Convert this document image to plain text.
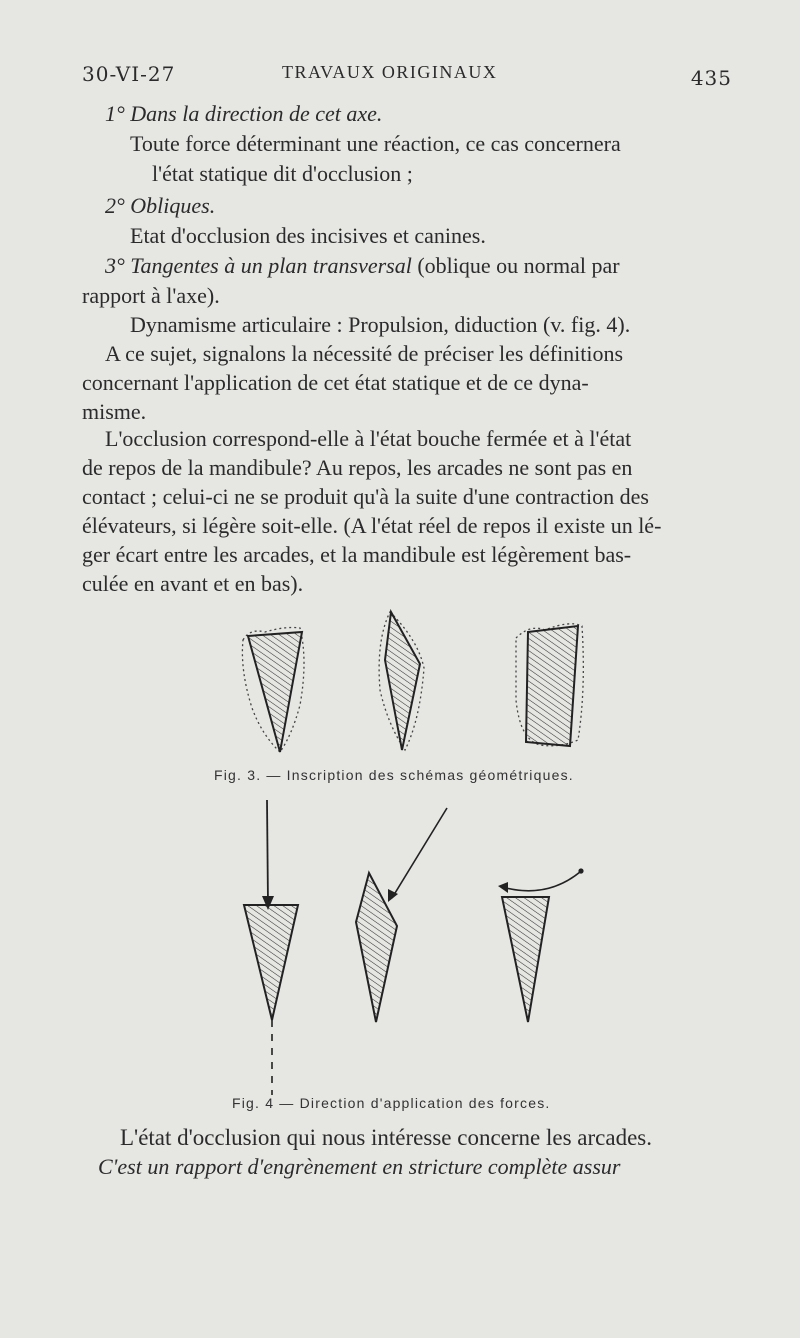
30-VI-27	TRAVAUX ORIGINAUX	435
1° Dans la direction de cet axe.
Toute force déterminant une réaction, ce cas concernera
l'état statique dit d'occlusion ;
2° Obliques.
Etat d'occlusion des incisives et canines.
3° Tangentes à un plan transversal (oblique ou normal par
rapport à l'axe).
Dynamisme articulaire : Propulsion, diduction (v. fig. 4).
A ce sujet, signalons la nécessité de préciser les définitions
concernant l'application de cet état statique et de ce dyna-
misme.
L'occlusion correspond-elle à l'état bouche fermée et à l'état
de repos de la mandibule? Au repos, les arcades ne sont pas en
contact ; celui-ci ne se produit qu'à la suite d'une contraction des
élévateurs, si légère soit-elle. (A l'état réel de repos il existe un lé-
ger écart entre les arcades, et la mandibule est légèrement bas-
culée en avant et en bas).
Fig. 3. — Inscription des schémas géométriques.
Fig. 4 — Direction d'application des forces.
L'état d'occlusion qui nous intéresse concerne les arcades.
C'est un rapport d'engrènement en stricture complète assur
